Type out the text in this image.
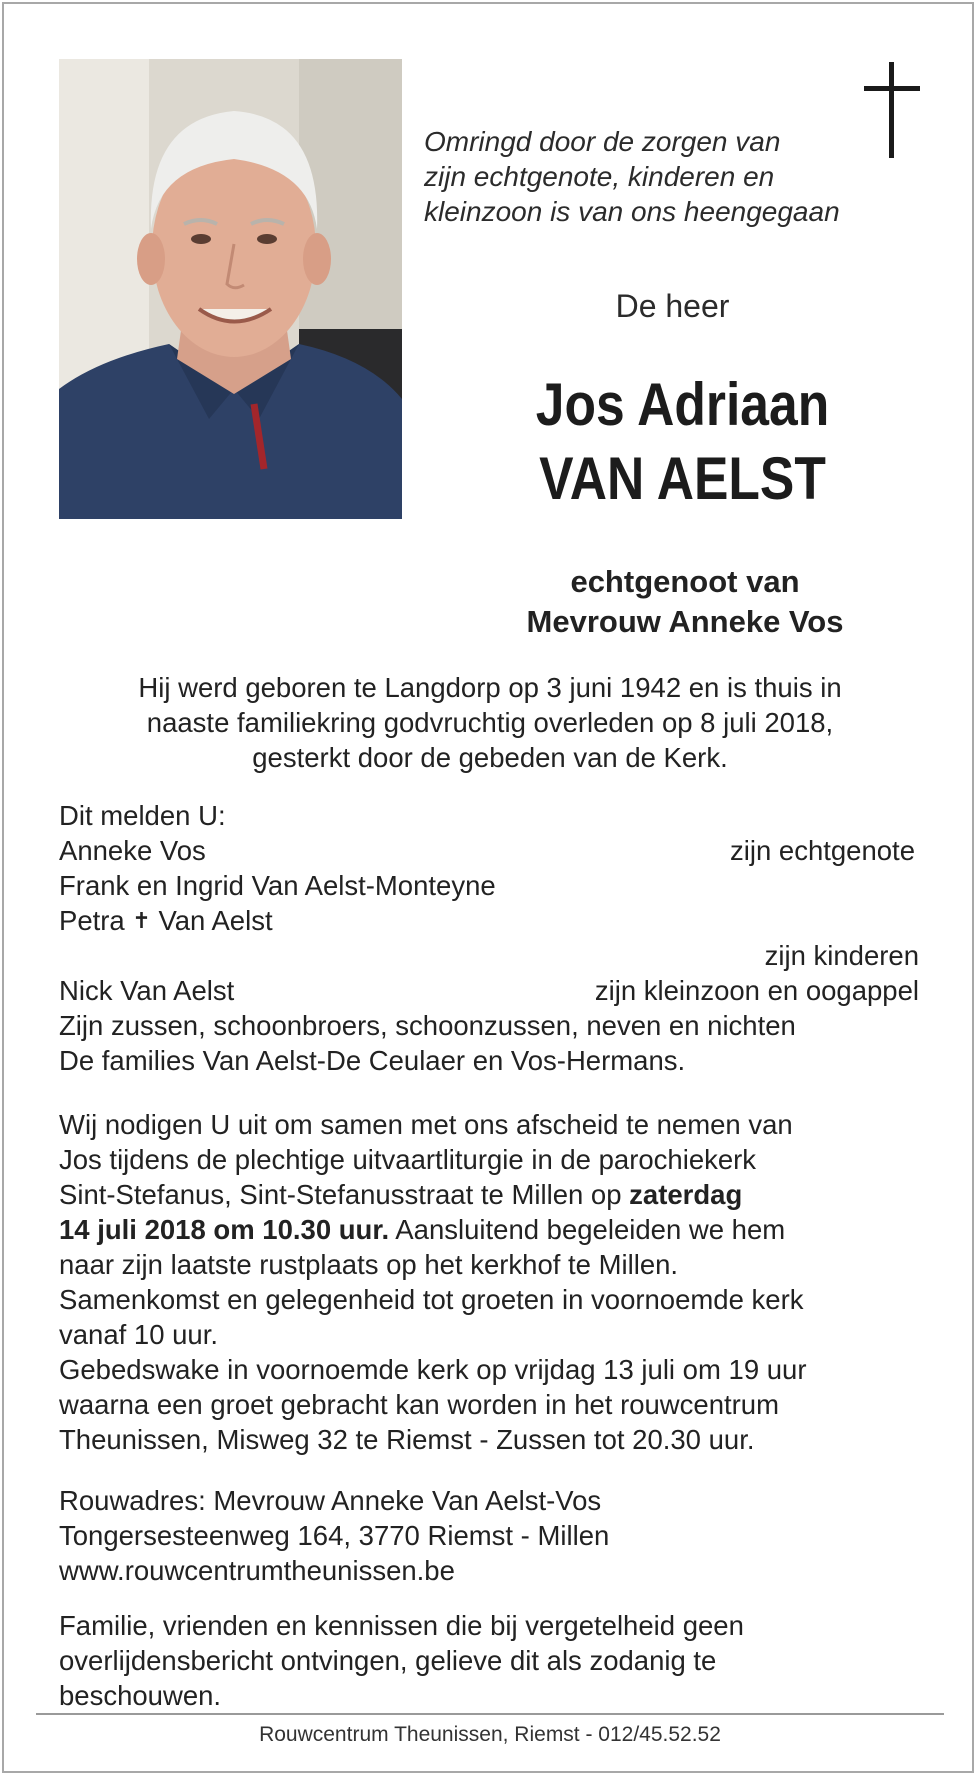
Omringd door de zorgen van
zijn echtgenote, kinderen en
kleinzoon is van ons heengegaan
De heer
Jos Adriaan
VAN AELST
echtgenoot van
Mevrouw Anneke Vos
Hij werd geboren te Langdorp op 3 juni 1942 en is thuis in
naaste familiekring godvruchtig overleden op 8 juli 2018,
gesterkt door de gebeden van de Kerk.
Dit melden U:
Anneke Vos	zijn echtgenote
Frank en Ingrid Van Aelst-Monteyne
Petra ✝ Van Aelst
zijn kinderen
Nick Van Aelst	zijn kleinzoon en oogappel
Zijn zussen, schoonbroers, schoonzussen, neven en nichten
De families Van Aelst-De Ceulaer en Vos-Hermans.
Wij nodigen U uit om samen met ons afscheid te nemen van
Jos tijdens de plechtige uitvaartliturgie in de parochiekerk
Sint-Stefanus, Sint-Stefanusstraat te Millen op zaterdag
14 juli 2018 om 10.30 uur. Aansluitend begeleiden we hem
naar zijn laatste rustplaats op het kerkhof te Millen.
Samenkomst en gelegenheid tot groeten in voornoemde kerk
vanaf 10 uur.
Gebedswake in voornoemde kerk op vrijdag 13 juli om 19 uur
waarna een groet gebracht kan worden in het rouwcentrum
Theunissen, Misweg 32 te Riemst - Zussen tot 20.30 uur.
Rouwadres: Mevrouw Anneke Van Aelst-Vos
Tongersesteenweg 164, 3770 Riemst - Millen
www.rouwcentrumtheunissen.be
Familie, vrienden en kennissen die bij vergetelheid geen
overlijdensbericht ontvingen, gelieve dit als zodanig te
beschouwen.
Rouwcentrum Theunissen, Riemst - 012/45.52.52
